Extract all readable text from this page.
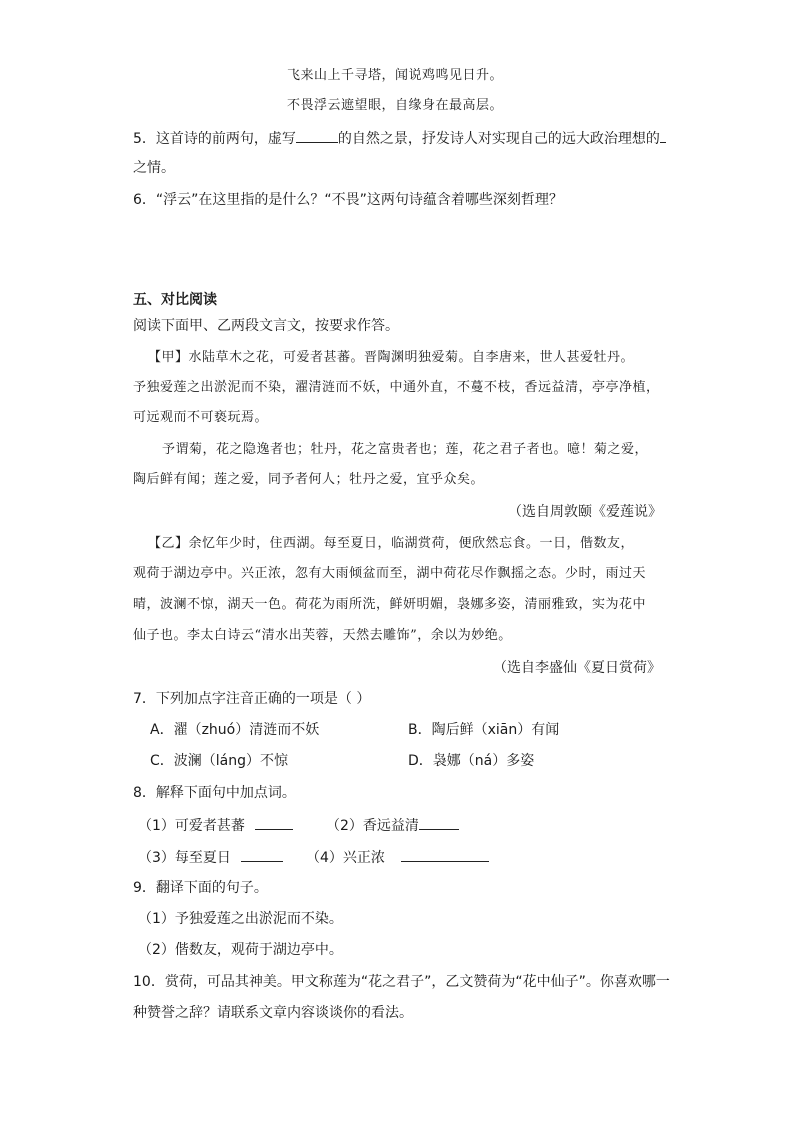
飞来山上千寻塔，闻说鸡鸣见日升。
不畏浮云遮望眼，自缘身在最高层。
5．这首诗的前两句，虚写	的自然之景，抒发诗人对实现自己的远大政治理想的
之情。
6．“浮云”在这里指的是什么？“不畏”这两句诗蕴含着哪些深刻哲理？
五、对比阅读
阅读下面甲、乙两段文言文，按要求作答。
【甲】水陆草木之花，可爱者甚蕃。晋陶渊明独爱菊。自李唐来，世人甚爱牡丹。
予独爱莲之出淤泥而不染，濯清涟而不妖，中通外直，不蔓不枝，香远益清，亭亭净植，
可远观而不可亵玩焉。
予谓菊，花之隐逸者也；牡丹，花之富贵者也；莲，花之君子者也。噫！菊之爱，
陶后鲜有闻；莲之爱，同予者何人；牡丹之爱，宜乎众矣。
（选自周敦颐《爱莲说》
【乙】余忆年少时，住西湖。每至夏日，临湖赏荷，便欣然忘食。一日，偕数友，
观荷于湖边亭中。兴正浓，忽有大雨倾盆而至，湖中荷花尽作飘摇之态。少时，雨过天
晴，波澜不惊，湖天一色。荷花为雨所洗，鲜妍明媚，袅娜多姿，清丽雅致，实为花中
仙子也。李太白诗云“清水出芙蓉，天然去雕饰”，余以为妙绝。
（选自李盛仙《夏日赏荷》
7．下列加点字注音正确的一项是（ ）
A．濯（zhuó）清涟而不妖	B．陶后鲜（xiān）有闻
C．波澜（láng）不惊	D．袅娜（ná）多姿
8．解释下面句中加点词。
（1）可爱者甚蕃	（2）香远益清
（3）每至夏日	（4）兴正浓
9．翻译下面的句子。
（1）予独爱莲之出淤泥而不染。
（2）偕数友，观荷于湖边亭中。
10．赏荷，可品其神美。甲文称莲为“花之君子”，乙文赞荷为“花中仙子”。你喜欢哪一
种赞誉之辞？请联系文章内容谈谈你的看法。
